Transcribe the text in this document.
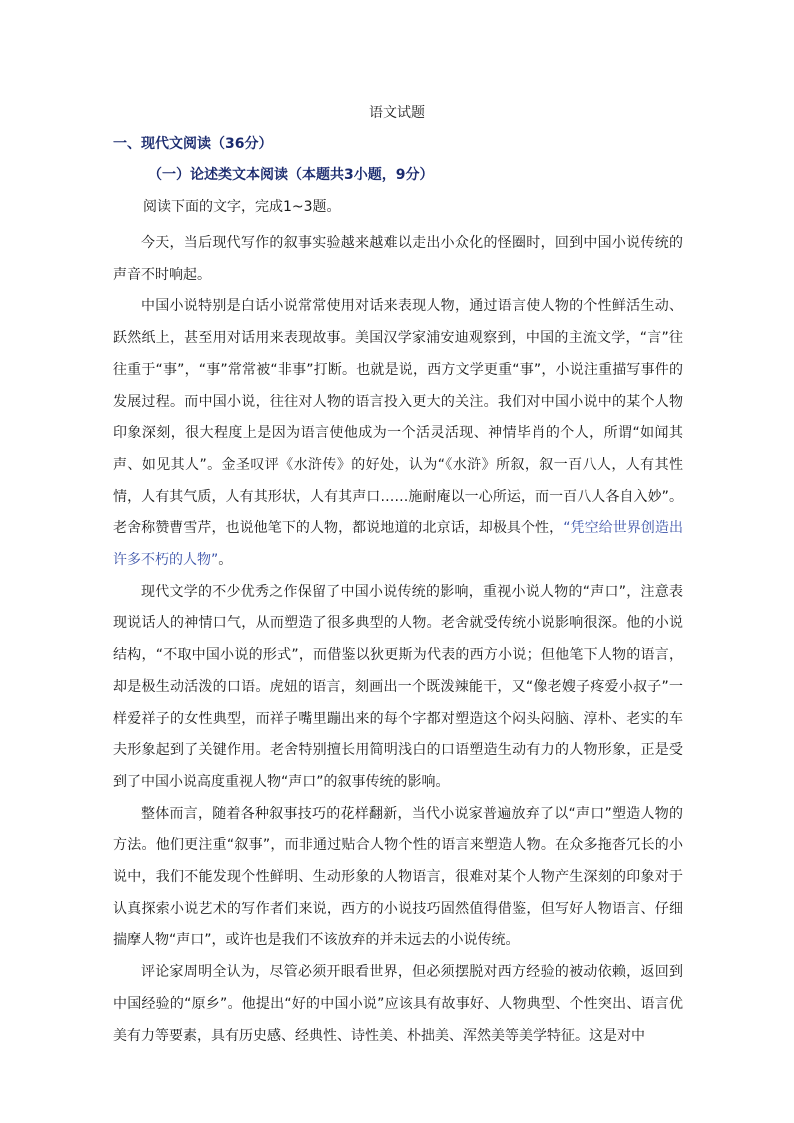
语文试题
一、现代文阅读（36分）
（一）论述类文本阅读（本题共3小题，9分）
阅读下面的文字，完成1~3题。

今天，当后现代写作的叙事实验越来越难以走出小众化的怪圈时，回到中国小说传统的声音不时响起。

中国小说特别是白话小说常常使用对话来表现人物，通过语言使人物的个性鲜活生动、跃然纸上，甚至用对话用来表现故事。美国汉学家浦安迪观察到，中国的主流文学，“言”往往重于“事”，“事”常常被“非事”打断。也就是说，西方文学更重“事”，小说注重描写事件的发展过程。而中国小说，往往对人物的语言投入更大的关注。我们对中国小说中的某个人物印象深刻，很大程度上是因为语言使他成为一个活灵活现、神情毕肖的个人，所谓“如闻其声、如见其人”。金圣叹评《水浒传》的好处，认为“《水浒》所叙，叙一百八人，人有其性情，人有其气质，人有其形状，人有其声口……施耐庵以一心所运，而一百八人各自入妙”。老舍称赞曹雪芹，也说他笔下的人物，都说地道的北京话，却极具个性，“凭空给世界创造出许多不朽的人物”。

现代文学的不少优秀之作保留了中国小说传统的影响，重视小说人物的“声口”，注意表现说话人的神情口气，从而塑造了很多典型的人物。老舍就受传统小说影响很深。他的小说结构，“不取中国小说的形式”，而借鉴以狄更斯为代表的西方小说；但他笔下人物的语言，却是极生动活泼的口语。虎妞的语言，刻画出一个既泼辣能干，又“像老嫂子疼爱小叔子”一样爱祥子的女性典型，而祥子嘴里蹦出来的每个字都对塑造这个闷头闷脑、淳朴、老实的车夫形象起到了关键作用。老舍特别擅长用简明浅白的口语塑造生动有力的人物形象，正是受到了中国小说高度重视人物“声口”的叙事传统的影响。

整体而言，随着各种叙事技巧的花样翻新，当代小说家普遍放弃了以“声口”塑造人物的方法。他们更注重“叙事”，而非通过贴合人物个性的语言来塑造人物。在众多拖沓冗长的小说中，我们不能发现个性鲜明、生动形象的人物语言，很难对某个人物产生深刻的印象对于认真探索小说艺术的写作者们来说，西方的小说技巧固然值得借鉴，但写好人物语言、仔细揣摩人物“声口”，或许也是我们不该放弃的并未远去的小说传统。

评论家周明全认为，尽管必须开眼看世界，但必须摆脱对西方经验的被动依赖，返回到中国经验的“原乡”。他提出“好的中国小说”应该具有故事好、人物典型、个性突出、语言优美有力等要素，具有历史感、经典性、诗性美、朴拙美、浑然美等美学特征。这是对中
